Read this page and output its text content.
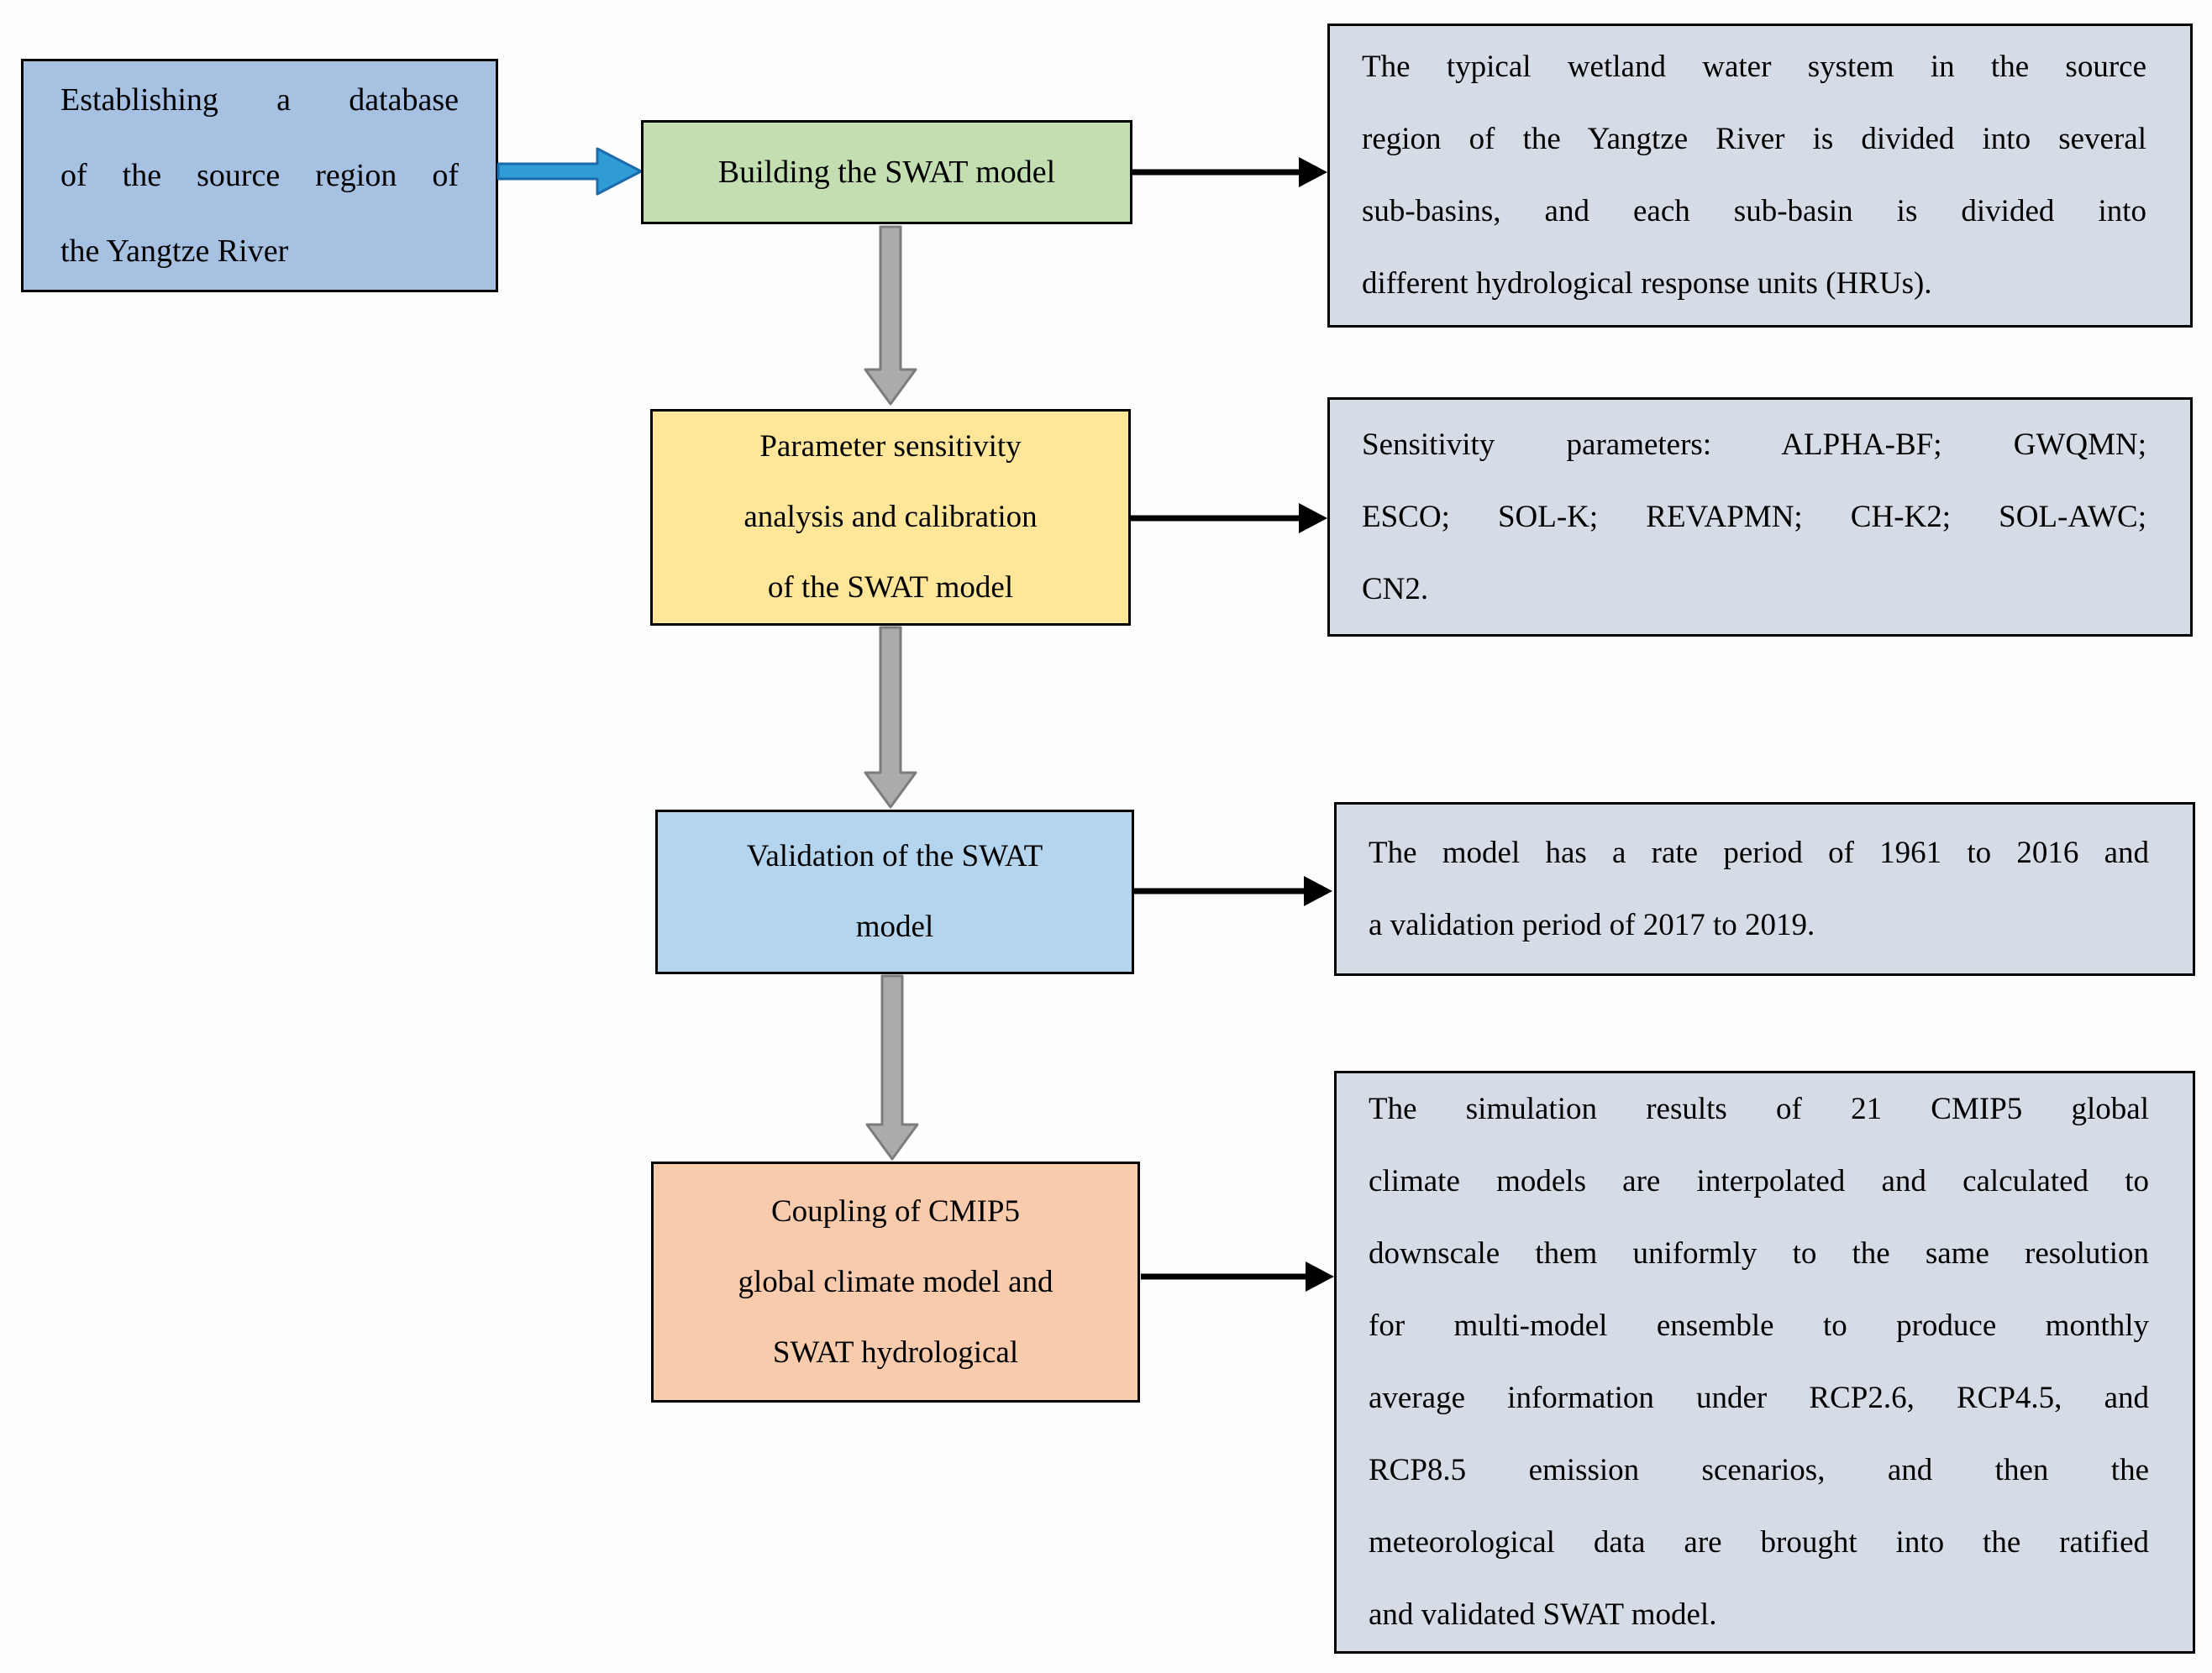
Establishing a database
of the source region of
the Yangtze River
Building the SWAT model
The typical wetland water system in the source
region of the Yangtze River is divided into several
sub-basins, and each sub-basin is divided into
different hydrological response units (HRUs).
Parameter sensitivity
analysis and calibration
of the SWAT model
Sensitivity parameters: ALPHA-BF; GWQMN;
ESCO; SOL-K; REVAPMN; CH-K2; SOL-AWC;
CN2.
Validation of the SWAT
model
The model has a rate period of 1961 to 2016 and
a validation period of 2017 to 2019.
Coupling of CMIP5
global climate model and
SWAT hydrological
The simulation results of 21 CMIP5 global
climate models are interpolated and calculated to
downscale them uniformly to the same resolution
for multi-model ensemble to produce monthly
average information under RCP2.6, RCP4.5, and
RCP8.5 emission scenarios, and then the
meteorological data are brought into the ratified
and validated SWAT model.
